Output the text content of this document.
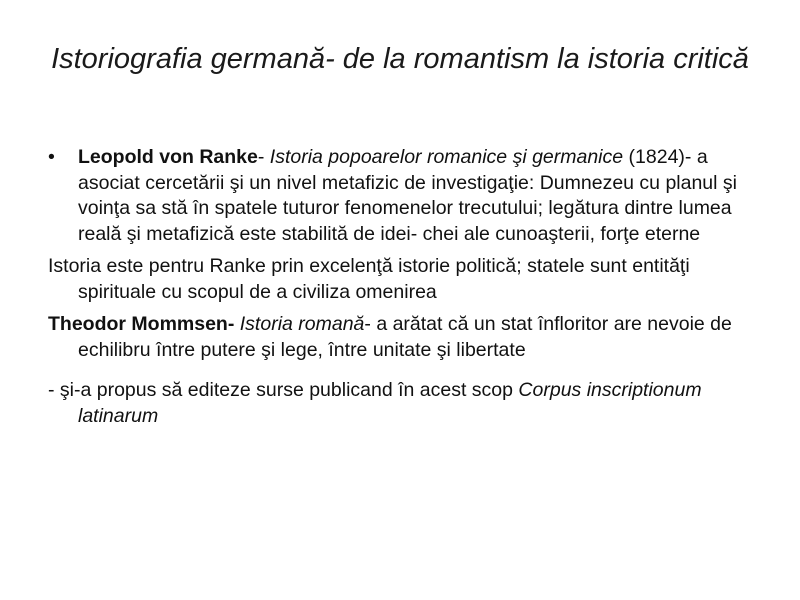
Istoriografia germană- de la romantism la istoria critică

• Leopold von Ranke- Istoria popoarelor romanice şi germanice (1824)- a asociat cercetării şi un nivel metafizic de investigaţie: Dumnezeu cu planul şi voinţa sa stă în spatele tuturor fenomenelor trecutului; legătura dintre lumea reală şi metafizică este stabilită de idei- chei ale cunoaşterii, forţe eterne

Istoria este pentru Ranke prin excelenţă istorie politică; statele sunt entităţi spirituale cu scopul de a civiliza omenirea

Theodor Mommsen- Istoria romană- a arătat că un stat înfloritor are nevoie de echilibru între putere şi lege, între unitate şi libertate

- şi-a propus să editeze surse publicand în acest scop Corpus inscriptionum latinarum
